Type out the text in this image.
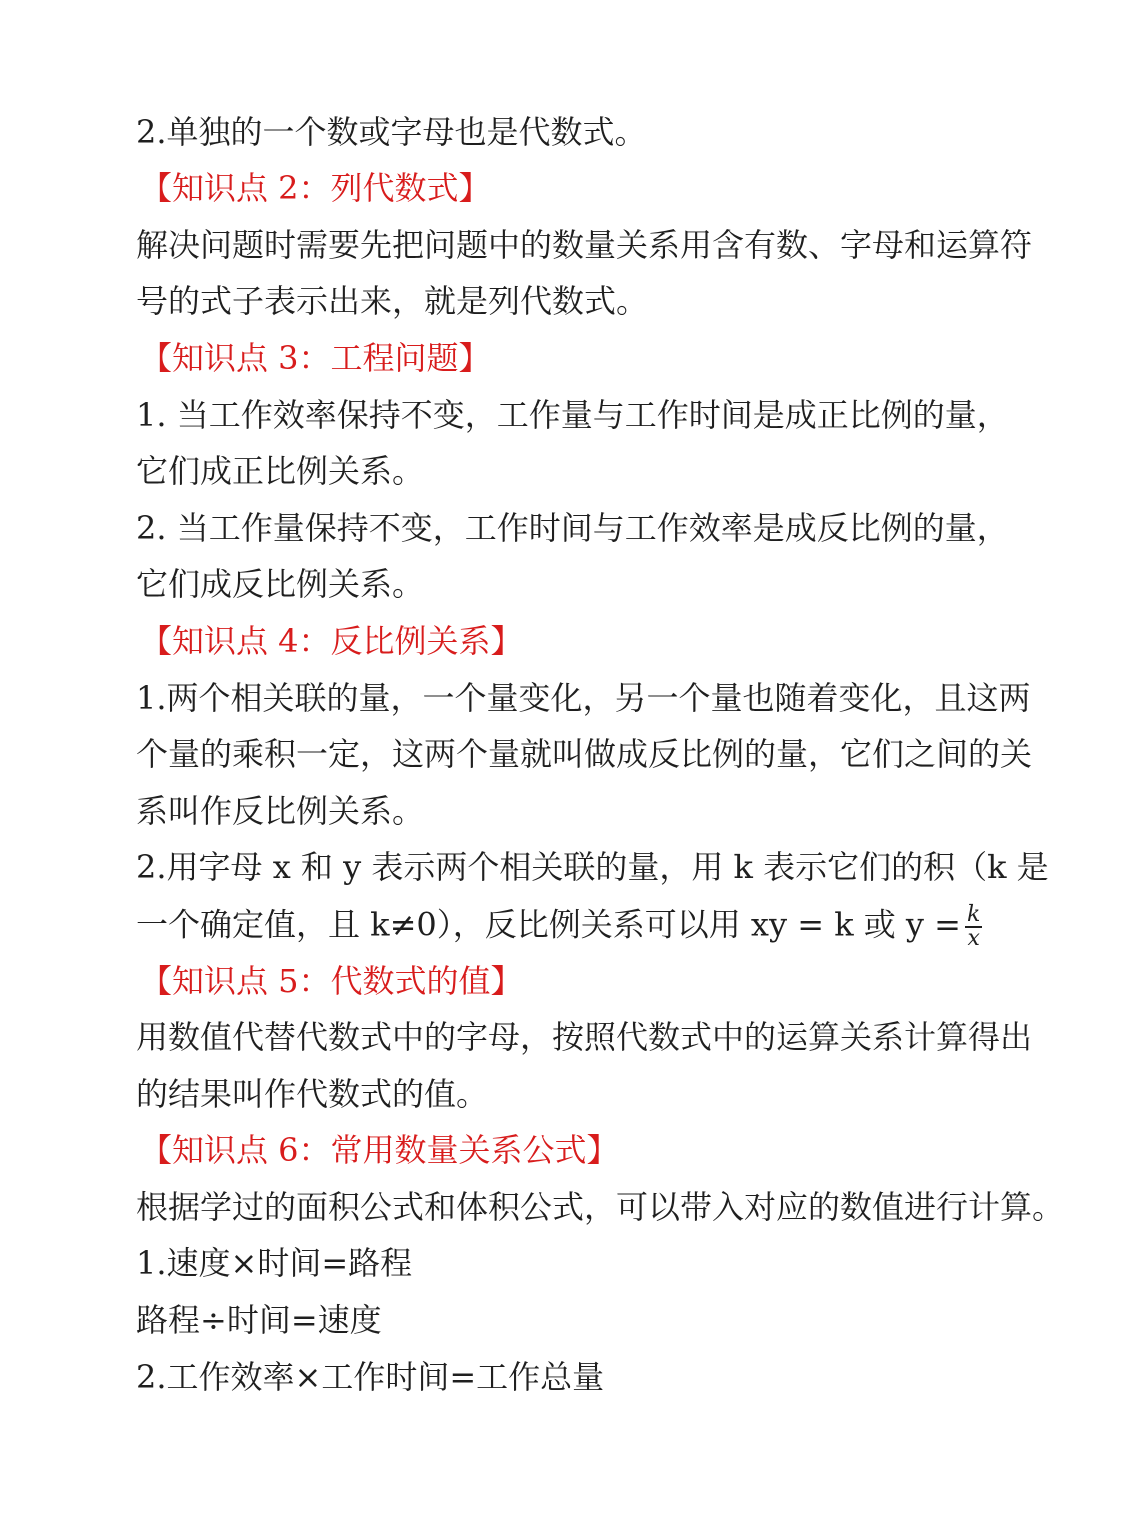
2.单独的一个数或字母也是代数式。
【知识点 2：列代数式】
解决问题时需要先把问题中的数量关系用含有数、字母和运算符
号的式子表示出来，就是列代数式。
【知识点 3：工程问题】
1. 当工作效率保持不变，工作量与工作时间是成正比例的量，
它们成正比例关系。
2. 当工作量保持不变，工作时间与工作效率是成反比例的量，
它们成反比例关系。
【知识点 4：反比例关系】
1.两个相关联的量，一个量变化，另一个量也随着变化，且这两
个量的乘积一定，这两个量就叫做成反比例的量，它们之间的关
系叫作反比例关系。
2.用字母 x 和 y 表示两个相关联的量，用 k 表示它们的积（k 是
一个确定值，且 k≠0），反比例关系可以用 xy = k 或 $y = \frac{k}{x}$
【知识点 5：代数式的值】
用数值代替代数式中的字母，按照代数式中的运算关系计算得出
的结果叫作代数式的值。
【知识点 6：常用数量关系公式】
根据学过的面积公式和体积公式，可以带入对应的数值进行计算。
1.速度×时间=路程
路程÷时间=速度
2.工作效率×工作时间=工作总量
